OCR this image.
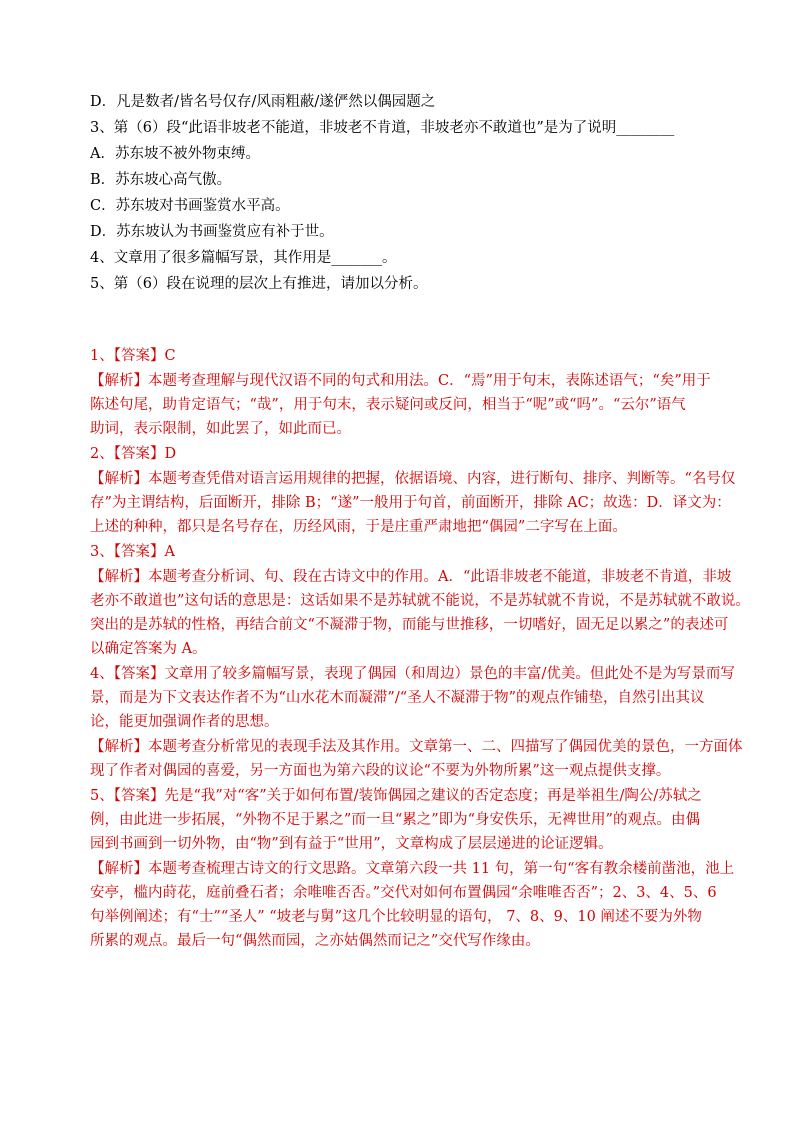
D．凡是数者/皆名号仅存/风雨粗蔽/遂俨然以偶园题之
3、第（6）段“此语非坡老不能道，非坡老不肯道，非坡老亦不敢道也”是为了说明________
A．苏东坡不被外物束缚。
B．苏东坡心高气傲。
C．苏东坡对书画鉴赏水平高。
D．苏东坡认为书画鉴赏应有补于世。
4、文章用了很多篇幅写景，其作用是_______。
5、第（6）段在说理的层次上有推进，请加以分析。
1、【答案】C
【解析】本题考查理解与现代汉语不同的句式和用法。C．“焉”用于句末，表陈述语气；“矣”用于
陈述句尾，助肯定语气；“哉”，用于句末，表示疑问或反问，相当于“呢”或“吗”。“云尔”语气
助词，表示限制，如此罢了，如此而已。
2、【答案】D
【解析】本题考查凭借对语言运用规律的把握，依据语境、内容，进行断句、排序、判断等。“名号仅
存”为主谓结构，后面断开，排除 B；“遂”一般用于句首，前面断开，排除 AC；故选：D．译文为：
上述的种种，都只是名号存在，历经风雨，于是庄重严肃地把“偶园”二字写在上面。
3、【答案】A
【解析】本题考查分析词、句、段在古诗文中的作用。A．“此语非坡老不能道，非坡老不肯道，非坡
老亦不敢道也”这句话的意思是：这话如果不是苏轼就不能说，不是苏轼就不肯说，不是苏轼就不敢说。
突出的是苏轼的性格，再结合前文“不凝滞于物，而能与世推移，一切嗜好，固无足以累之”的表述可
以确定答案为 A。
4、【答案】文章用了较多篇幅写景，表现了偶园（和周边）景色的丰富/优美。但此处不是为写景而写
景，而是为下文表达作者不为“山水花木而凝滞”/“圣人不凝滞于物”的观点作铺垫，自然引出其议
论，能更加强调作者的思想。
【解析】本题考查分析常见的表现手法及其作用。文章第一、二、四描写了偶园优美的景色，一方面体
现了作者对偶园的喜爱，另一方面也为第六段的议论“不要为外物所累”这一观点提供支撑。
5、【答案】先是“我”对“客”关于如何布置/装饰偶园之建议的否定态度；再是举祖生/陶公/苏轼之
例，由此进一步拓展，“外物不足于累之”而一旦“累之”即为“身安佚乐，无裨世用”的观点。由偶
园到书画到一切外物，由“物”到有益于“世用”，文章构成了层层递进的论证逻辑。
【解析】本题考查梳理古诗文的行文思路。文章第六段一共 11 句，第一句“客有教余楼前凿池，池上
安亭，槛内莳花，庭前叠石者；余唯唯否否。”交代对如何布置偶园“余唯唯否否”；2、3、4、5、6
句举例阐述；有“士”“圣人” “坡老与舅”这几个比较明显的语句， 7、8、9、10 阐述不要为外物
所累的观点。最后一句“偶然而园，之亦姑偶然而记之”交代写作缘由。
